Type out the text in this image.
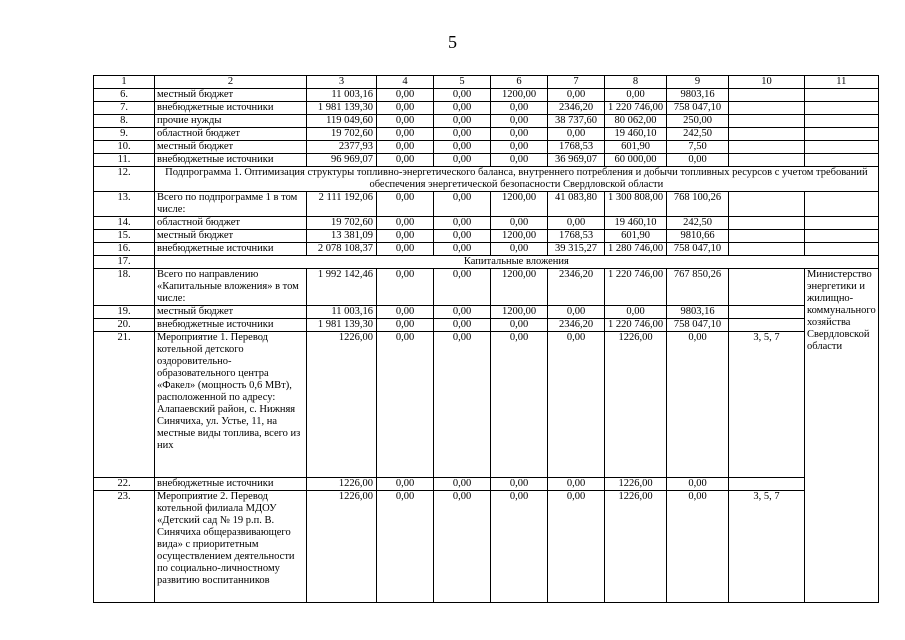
5
1	2	3	4	5	6	7	8	9	10	11
6.	местный бюджет	11 003,16	0,00	0,00	1200,00	0,00	0,00	9803,16		
7.	внебюджетные источники	1 981 139,30	0,00	0,00	0,00	2346,20	1 220 746,00	758 047,10		
8.	прочие нужды	119 049,60	0,00	0,00	0,00	38 737,60	80 062,00	250,00		
9.	областной бюджет	19 702,60	0,00	0,00	0,00	0,00	19 460,10	242,50		
10.	местный бюджет	2377,93	0,00	0,00	0,00	1768,53	601,90	7,50		
11.	внебюджетные источники	96 969,07	0,00	0,00	0,00	36 969,07	60 000,00	0,00		
12.	Подпрограмма 1. Оптимизация структуры топливно-энергетического баланса, внутреннего потребления и добычи топливных ресурсов с учетом требований обеспечения энергетической безопасности Свердловской области									
13.	Всего по подпрограмме 1 в том числе:	2 111 192,06	0,00	0,00	1200,00	41 083,80	1 300 808,00	768 100,26		
14.	областной бюджет	19 702,60	0,00	0,00	0,00	0,00	19 460,10	242,50		
15.	местный бюджет	13 381,09	0,00	0,00	1200,00	1768,53	601,90	9810,66		
16.	внебюджетные источники	2 078 108,37	0,00	0,00	0,00	39 315,27	1 280 746,00	758 047,10		
17.	Капитальные вложения									
18.	Всего по направлению «Капитальные вложения» в том числе:	1 992 142,46	0,00	0,00	1200,00	2346,20	1 220 746,00	767 850,26		Министерство энергетики и жилищно-коммунального хозяйства Свердловской области
19.	местный бюджет	11 003,16	0,00	0,00	1200,00	0,00	0,00	9803,16		
20.	внебюджетные источники	1 981 139,30	0,00	0,00	0,00	2346,20	1 220 746,00	758 047,10		
21.	Мероприятие 1. Перевод котельной детского оздоровительно-образовательного центра «Факел» (мощность 0,6 МВт), расположенной по адресу: Алапаевский район, с. Нижняя Синячиха, ул. Устье, 11, на местные виды топлива, всего из них	1226,00	0,00	0,00	0,00	0,00	1226,00	0,00	3, 5, 7	
22.	внебюджетные источники	1226,00	0,00	0,00	0,00	0,00	1226,00	0,00		
23.	Мероприятие 2. Перевод котельной филиала МДОУ «Детский сад № 19 р.п. В. Синячиха общеразвивающего вида» с приоритетным осуществлением деятельности по социально-личностному развитию воспитанников	1226,00	0,00	0,00	0,00	0,00	1226,00	0,00	3, 5, 7	
